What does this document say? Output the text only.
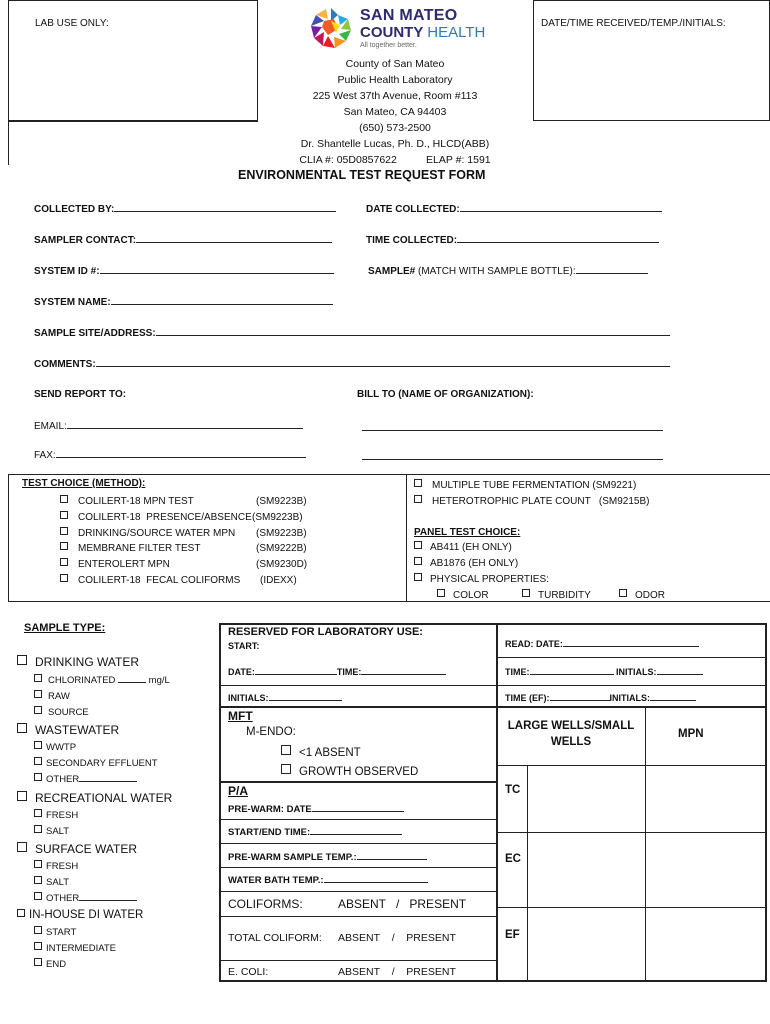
LAB USE ONLY:	DATE/TIME RECEIVED/TEMP./INITIALS:
SAN MATEO
COUNTY HEALTH
All together better.
County of San Mateo
Public Health Laboratory
225 West 37th Avenue, Room #113
San Mateo, CA 94403
(650) 573-2500
Dr. Shantelle Lucas, Ph. D., HLCD(ABB)
CLIA #: 05D0857622          ELAP #: 1591
ENVIRONMENTAL TEST REQUEST FORM
COLLECTED BY:	DATE COLLECTED:
SAMPLER CONTACT:	TIME COLLECTED:
SYSTEM ID #:	SAMPLE# (MATCH WITH SAMPLE BOTTLE):
SYSTEM NAME:
SAMPLE SITE/ADDRESS:
COMMENTS:
SEND REPORT TO:	BILL TO (NAME OF ORGANIZATION):
EMAIL:
FAX:
TEST CHOICE (METHOD):
COLILERT-18 MPN TEST	(SM9223B)
COLILERT-18  PRESENCE/ABSENCE(SM9223B)
DRINKING/SOURCE WATER MPN (SM9223B)
MEMBRANE FILTER TEST	(SM9222B)
ENTEROLERT MPN	(SM9230D)
COLILERT-18  FECAL COLIFORMS (IDEXX)
MULTIPLE TUBE FERMENTATION (SM9221)
HETEROTROPHIC PLATE COUNT   (SM9215B)
PANEL TEST CHOICE:
AB411 (EH ONLY)
AB1876 (EH ONLY)
PHYSICAL PROPERTIES:
COLOR	TURBIDITY	ODOR
SAMPLE TYPE:
DRINKING WATER
CHLORINATED	mg/L
RAW
SOURCE
WASTEWATER
WWTP
SECONDARY EFFLUENT
OTHER
RECREATIONAL WATER
FRESH
SALT
SURFACE WATER
FRESH
SALT
OTHER
IN-HOUSE DI WATER
START
INTERMEDIATE
END
RESERVED FOR LABORATORY USE:
START:
DATE:	TIME:
INITIALS:
MFT
M-ENDO:
<1 ABSENT
GROWTH OBSERVED
P/A
PRE-WARM: DATE
START/END TIME:
PRE-WARM SAMPLE TEMP.:
WATER BATH TEMP.:
COLIFORMS:	ABSENT / PRESENT
TOTAL COLIFORM: ABSENT / PRESENT
E. COLI:	ABSENT / PRESENT
READ: DATE:
TIME:	INITIALS:
TIME (EF):	INITIALS:
LARGE WELLS/SMALL WELLS
MPN
TC
EC
EF
